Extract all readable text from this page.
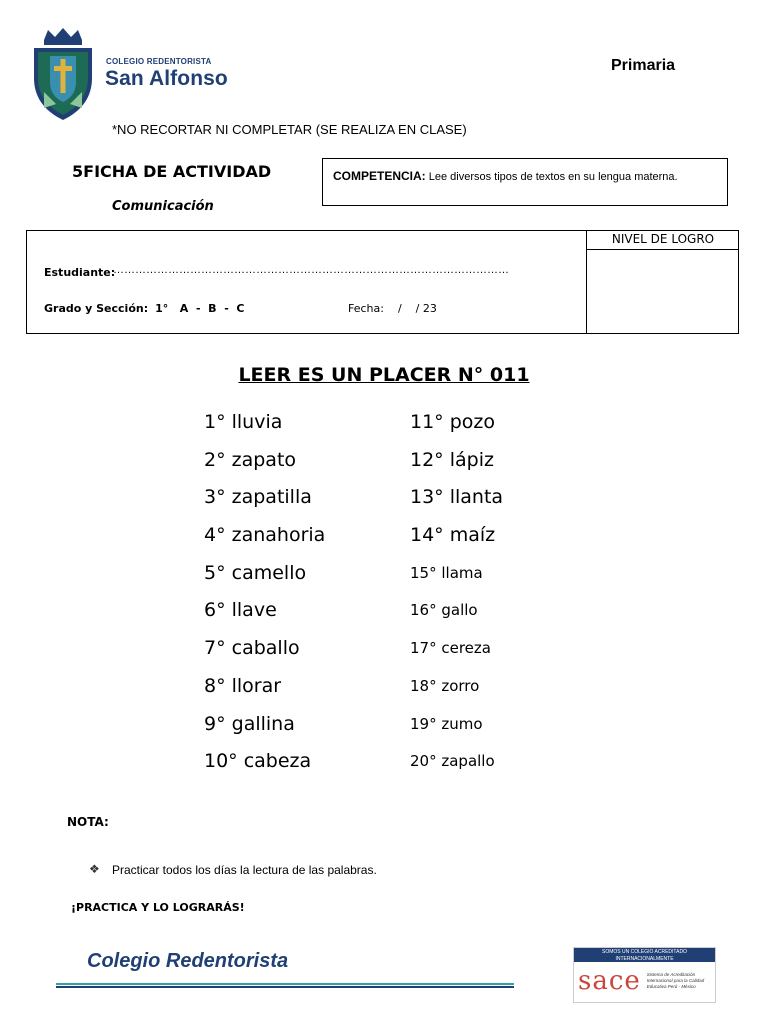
COLEGIO REDENTORISTA
San Alfonso
Primaria
*NO RECORTAR NI COMPLETAR (SE REALIZA EN CLASE)
5FICHA DE ACTIVIDAD
Comunicación
COMPETENCIA: Lee diversos tipos de textos en su lengua materna.
NIVEL DE LOGRO
Estudiante:
………………………………………………………………………………………………
Grado y Sección: 1°   A  -  B  -  C	Fecha:    /    / 23
LEER ES UN PLACER N° 011
1° lluvia
2° zapato
3° zapatilla
4° zanahoria
5° camello
6° llave
7° caballo
8° llorar
9° gallina
10° cabeza
11° pozo
12° lápiz
13° llanta
14° maíz
15° llama
16° gallo
17° cereza
18° zorro
19° zumo
20° zapallo
NOTA:
❖ Practicar todos los días la lectura de las palabras.
¡PRACTICA Y LO LOGRARÁS!
Colegio Redentorista	SOMOS UN COLEGIO ACREDITADO INTERNACIONALMENTE
sace Sistema de Acreditación Internacional para la Calidad Educativa Perú - México
